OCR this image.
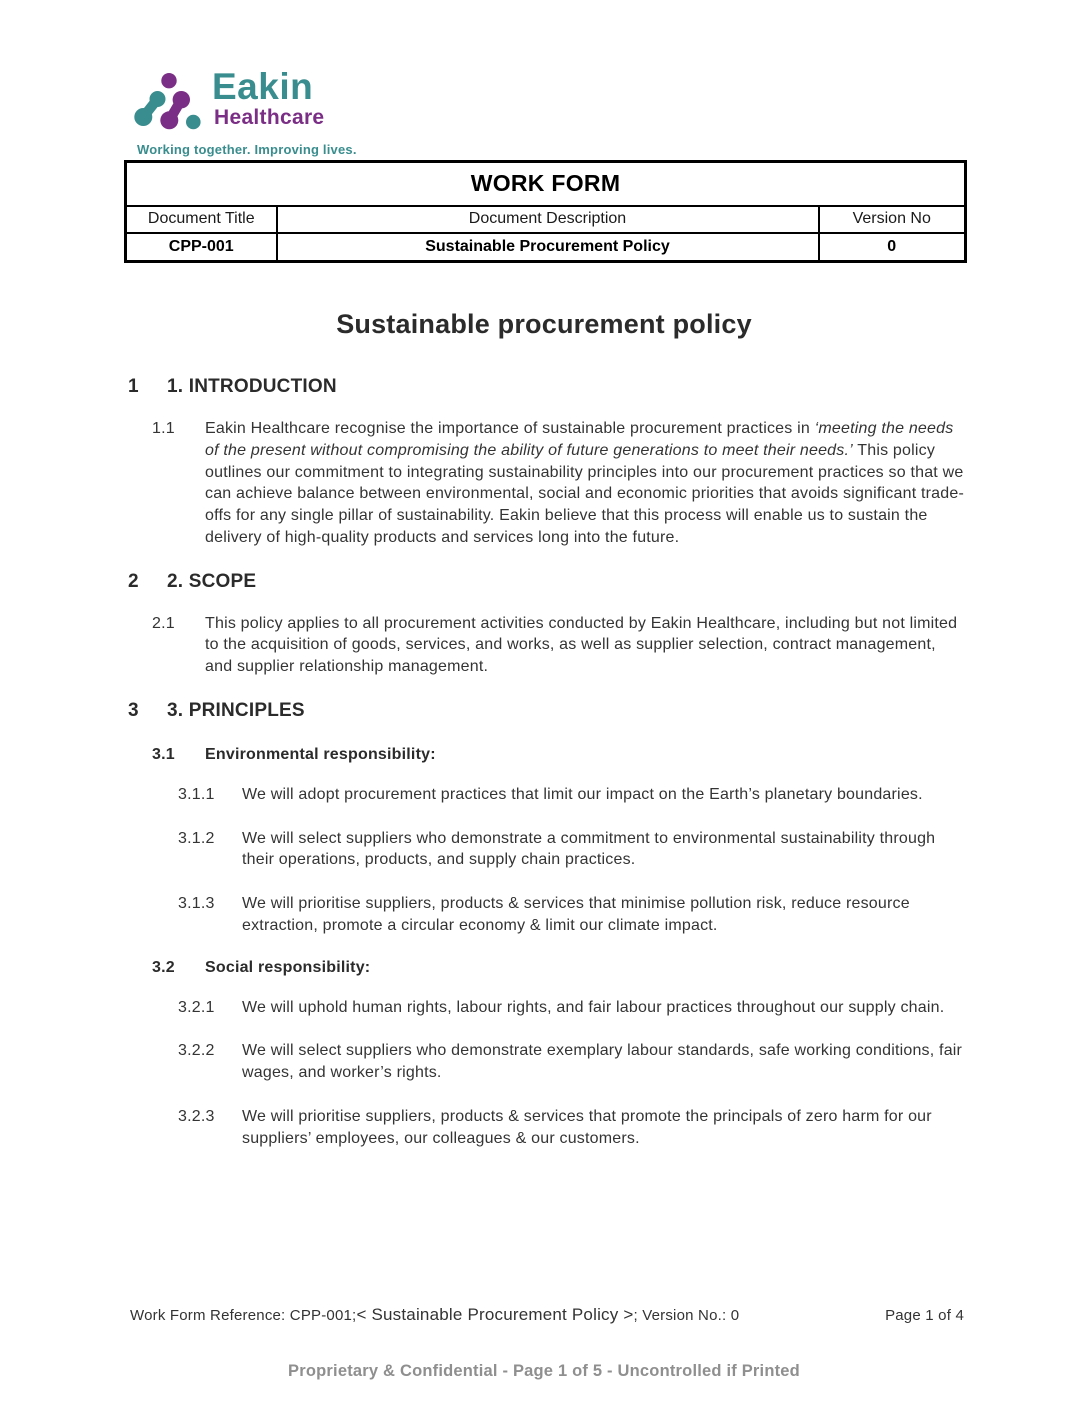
Eakin
Healthcare
Working together. Improving lives.
WORK FORM		
Document Title	Document Description	Version No
CPP-001	Sustainable Procurement Policy	0
Sustainable procurement policy
1	1. INTRODUCTION
1.1	Eakin Healthcare recognise the importance of sustainable procurement practices in ‘meeting the needs of the present without compromising the ability of future generations to meet their needs.’ This policy outlines our commitment to integrating sustainability principles into our procurement practices so that we can achieve balance between environmental, social and economic priorities that avoids significant trade-offs for any single pillar of sustainability. Eakin believe that this process will enable us to sustain the delivery of high-quality products and services long into the future.
2	2. SCOPE
2.1	This policy applies to all procurement activities conducted by Eakin Healthcare, including but not limited to the acquisition of goods, services, and works, as well as supplier selection, contract management, and supplier relationship management.
3	3. PRINCIPLES
3.1	Environmental responsibility:
3.1.1	We will adopt procurement practices that limit our impact on the Earth’s planetary boundaries.
3.1.2	We will select suppliers who demonstrate a commitment to environmental sustainability through their operations, products, and supply chain practices.
3.1.3	We will prioritise suppliers, products & services that minimise pollution risk, reduce resource extraction, promote a circular economy & limit our climate impact.
3.2	Social responsibility:
3.2.1	We will uphold human rights, labour rights, and fair labour practices throughout our supply chain.
3.2.2	We will select suppliers who demonstrate exemplary labour standards, safe working conditions, fair wages, and worker’s rights.
3.2.3	We will prioritise suppliers, products & services that promote the principals of zero harm for our suppliers’ employees, our colleagues & our customers.
Work Form Reference: CPP-001; < Sustainable Procurement Policy > ; Version No.: 0	Page 1 of 4
Proprietary & Confidential - Page 1 of 5 - Uncontrolled if Printed
